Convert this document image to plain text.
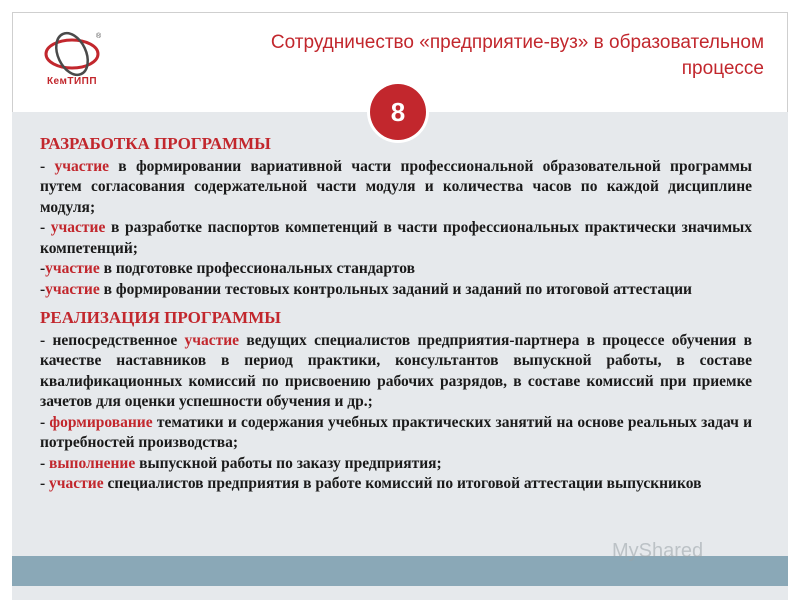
®
КемТИПП
Сотрудничество «предприятие-вуз» в образовательном
процессе
8
РАЗРАБОТКА ПРОГРАММЫ

- участие в формировании вариативной части профессиональной образовательной программы путем согласования содержательной части модуля и количества часов по каждой дисциплине модуля;

- участие в разработке паспортов компетенций в части профессиональных практически значимых компетенций;

-участие в подготовке профессиональных стандартов

-участие в формировании тестовых контрольных заданий и заданий по итоговой аттестации

РЕАЛИЗАЦИЯ ПРОГРАММЫ

- непосредственное участие ведущих специалистов предприятия-партнера в процессе обучения в качестве наставников в период практики, консультантов выпускной работы, в составе квалификационных комиссий по присвоению рабочих разрядов, в составе комиссий при приемке зачетов для оценки успешности обучения и др.;

- формирование тематики и содержания учебных практических занятий на основе реальных задач и потребностей производства;

- выполнение выпускной работы по заказу предприятия;

- участие специалистов предприятия в работе комиссий по итоговой аттестации выпускников

MyShared
